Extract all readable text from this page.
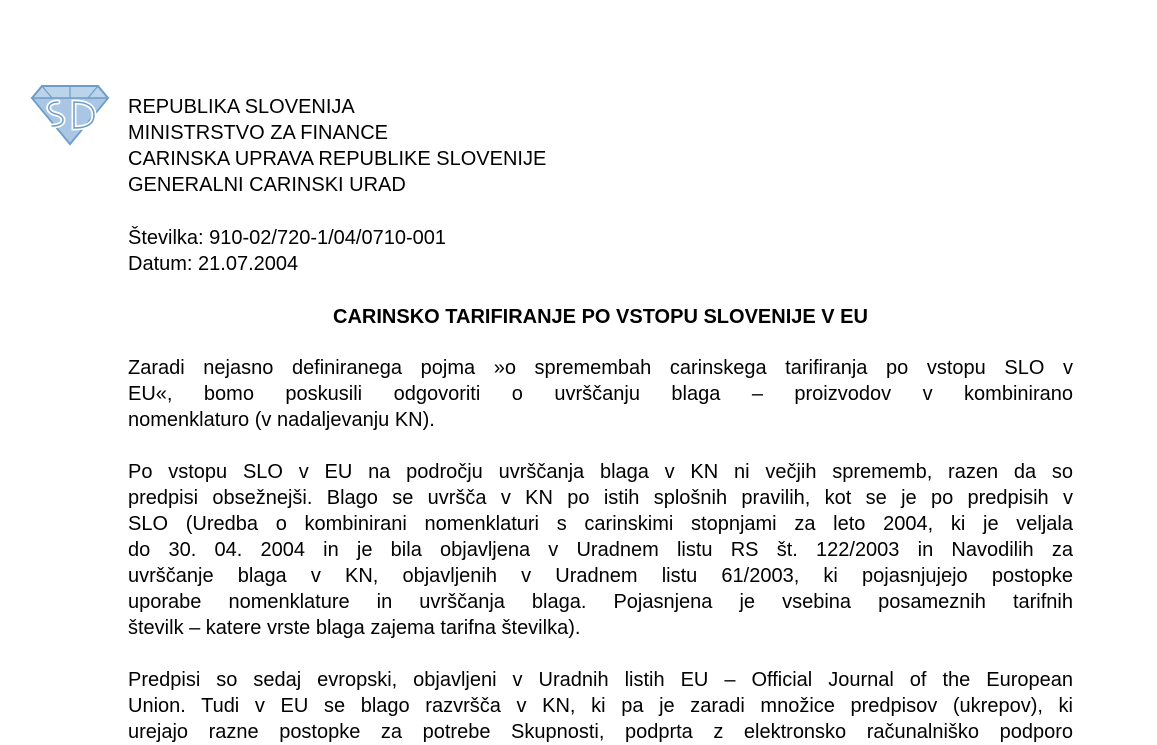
REPUBLIKA SLOVENIJA
MINISTRSTVO ZA FINANCE
CARINSKA UPRAVA REPUBLIKE SLOVENIJE
GENERALNI CARINSKI URAD
Številka: 910-02/720-1/04/0710-001
Datum: 21.07.2004
CARINSKO TARIFIRANJE PO VSTOPU SLOVENIJE V EU
Zaradi nejasno definiranega pojma »o spremembah carinskega tarifiranja po vstopu SLO v
EU«, bomo poskusili odgovoriti o uvrščanju blaga – proizvodov v kombinirano
nomenklaturo (v nadaljevanju KN).
Po vstopu SLO v EU na področju uvrščanja blaga v KN ni večjih sprememb, razen da so
predpisi obsežnejši. Blago se uvršča v KN po istih splošnih pravilih, kot se je po predpisih v
SLO (Uredba o kombinirani nomenklaturi s carinskimi stopnjami za leto 2004, ki je veljala
do 30. 04. 2004 in je bila objavljena v Uradnem listu RS št. 122/2003 in Navodilih za
uvrščanje blaga v KN, objavljenih v Uradnem listu 61/2003, ki pojasnjujejo postopke
uporabe nomenklature in uvrščanja blaga. Pojasnjena je vsebina posameznih tarifnih
številk – katere vrste blaga zajema tarifna številka).
Predpisi so sedaj evropski, objavljeni v Uradnih listih EU – Official Journal of the European
Union. Tudi v EU se blago razvršča v KN, ki pa je zaradi množice predpisov (ukrepov), ki
urejajo razne postopke za potrebe Skupnosti, podprta z elektronsko računalniško podporo
